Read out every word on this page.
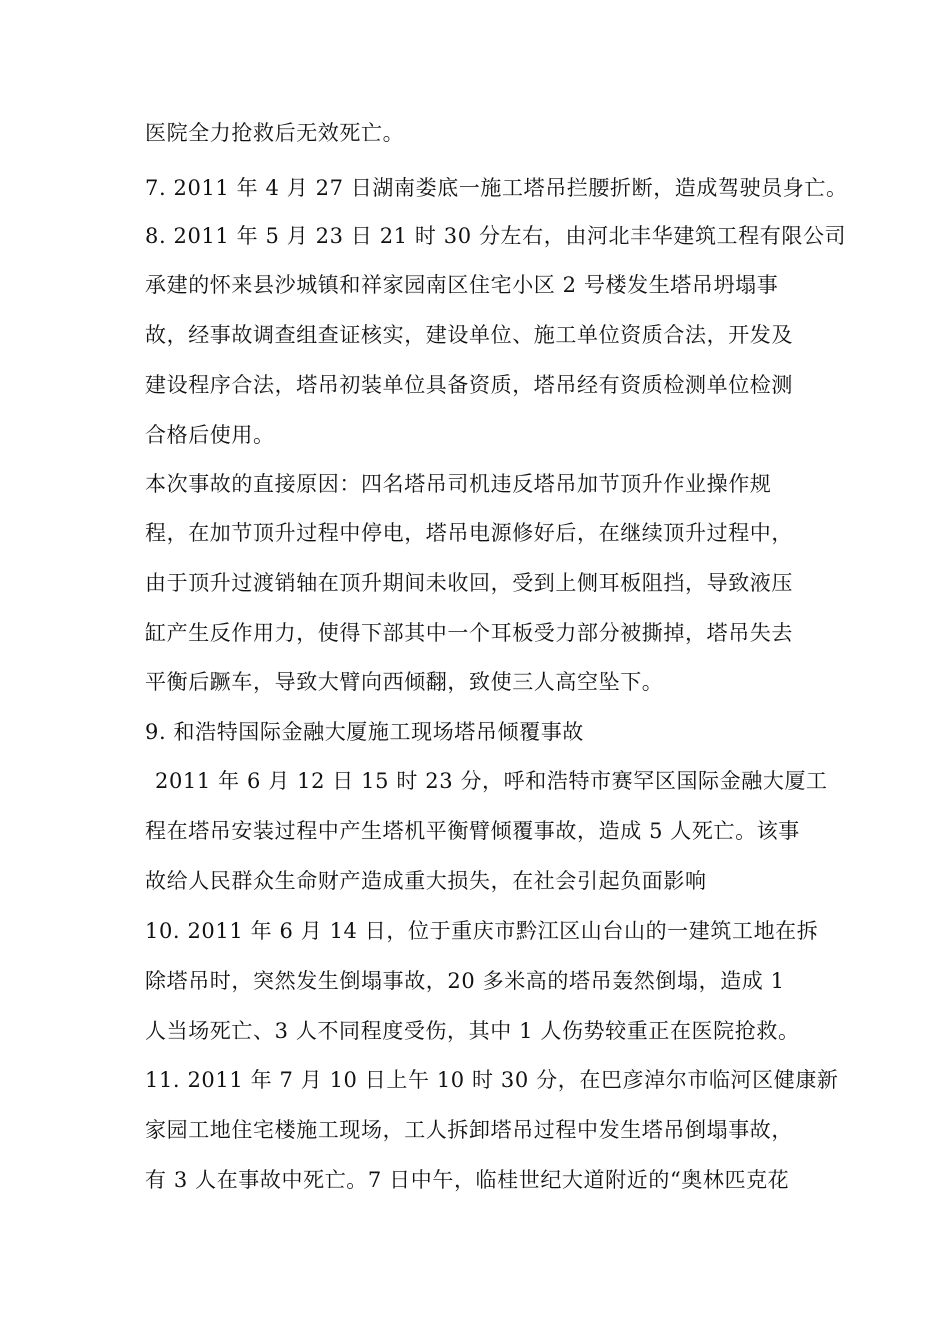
医院全力抢救后无效死亡。
7. 2011 年 4 月 27 日湖南娄底一施工塔吊拦腰折断，造成驾驶员身亡。
8. 2011 年 5 月 23 日 21 时 30 分左右，由河北丰华建筑工程有限公司
承建的怀来县沙城镇和祥家园南区住宅小区 2 号楼发生塔吊坍塌事
故，经事故调查组查证核实，建设单位、施工单位资质合法，开发及
建设程序合法，塔吊初装单位具备资质，塔吊经有资质检测单位检测
合格后使用。
本次事故的直接原因：四名塔吊司机违反塔吊加节顶升作业操作规
程，在加节顶升过程中停电，塔吊电源修好后，在继续顶升过程中，
由于顶升过渡销轴在顶升期间未收回，受到上侧耳板阻挡，导致液压
缸产生反作用力，使得下部其中一个耳板受力部分被撕掉，塔吊失去
平衡后蹶车，导致大臂向西倾翻，致使三人高空坠下。
9. 和浩特国际金融大厦施工现场塔吊倾覆事故
2011 年 6 月 12 日 15 时 23 分，呼和浩特市赛罕区国际金融大厦工
程在塔吊安装过程中产生塔机平衡臂倾覆事故，造成 5 人死亡。该事
故给人民群众生命财产造成重大损失，在社会引起负面影响
10. 2011 年 6 月 14 日，位于重庆市黔江区山台山的一建筑工地在拆
除塔吊时，突然发生倒塌事故，20 多米高的塔吊轰然倒塌，造成 1
人当场死亡、3 人不同程度受伤，其中 1 人伤势较重正在医院抢救。
11. 2011 年 7 月 10 日上午 10 时 30 分，在巴彦淖尔市临河区健康新
家园工地住宅楼施工现场，工人拆卸塔吊过程中发生塔吊倒塌事故，
有 3 人在事故中死亡。7 日中午，临桂世纪大道附近的“奥林匹克花
